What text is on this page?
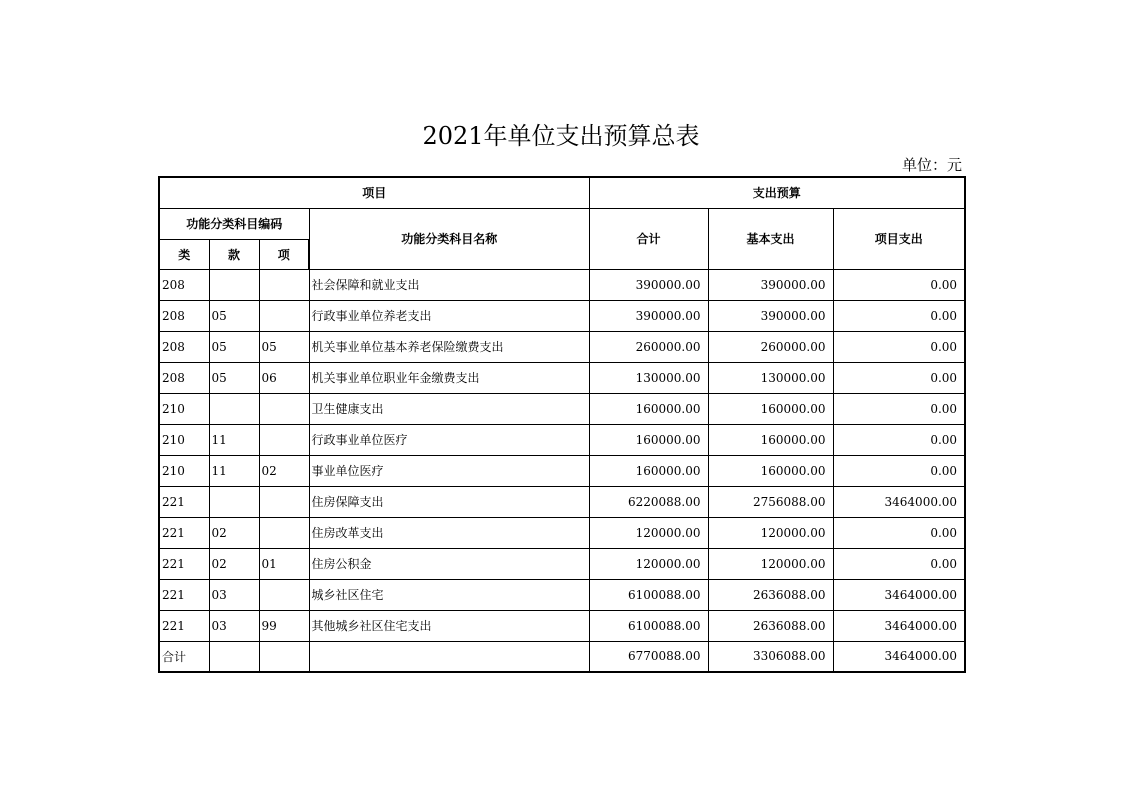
2021年单位支出预算总表
单位：元
项目				支出预算		
功能分类科目编码			功能分类科目名称	合计	基本支出	项目支出
类	款	项				
208			社会保障和就业支出	390000.00	390000.00	0.00
208	05		行政事业单位养老支出	390000.00	390000.00	0.00
208	05	05	机关事业单位基本养老保险缴费支出	260000.00	260000.00	0.00
208	05	06	机关事业单位职业年金缴费支出	130000.00	130000.00	0.00
210			卫生健康支出	160000.00	160000.00	0.00
210	11		行政事业单位医疗	160000.00	160000.00	0.00
210	11	02	事业单位医疗	160000.00	160000.00	0.00
221			住房保障支出	6220088.00	2756088.00	3464000.00
221	02		住房改革支出	120000.00	120000.00	0.00
221	02	01	住房公积金	120000.00	120000.00	0.00
221	03		城乡社区住宅	6100088.00	2636088.00	3464000.00
221	03	99	其他城乡社区住宅支出	6100088.00	2636088.00	3464000.00
合计				6770088.00	3306088.00	3464000.00
